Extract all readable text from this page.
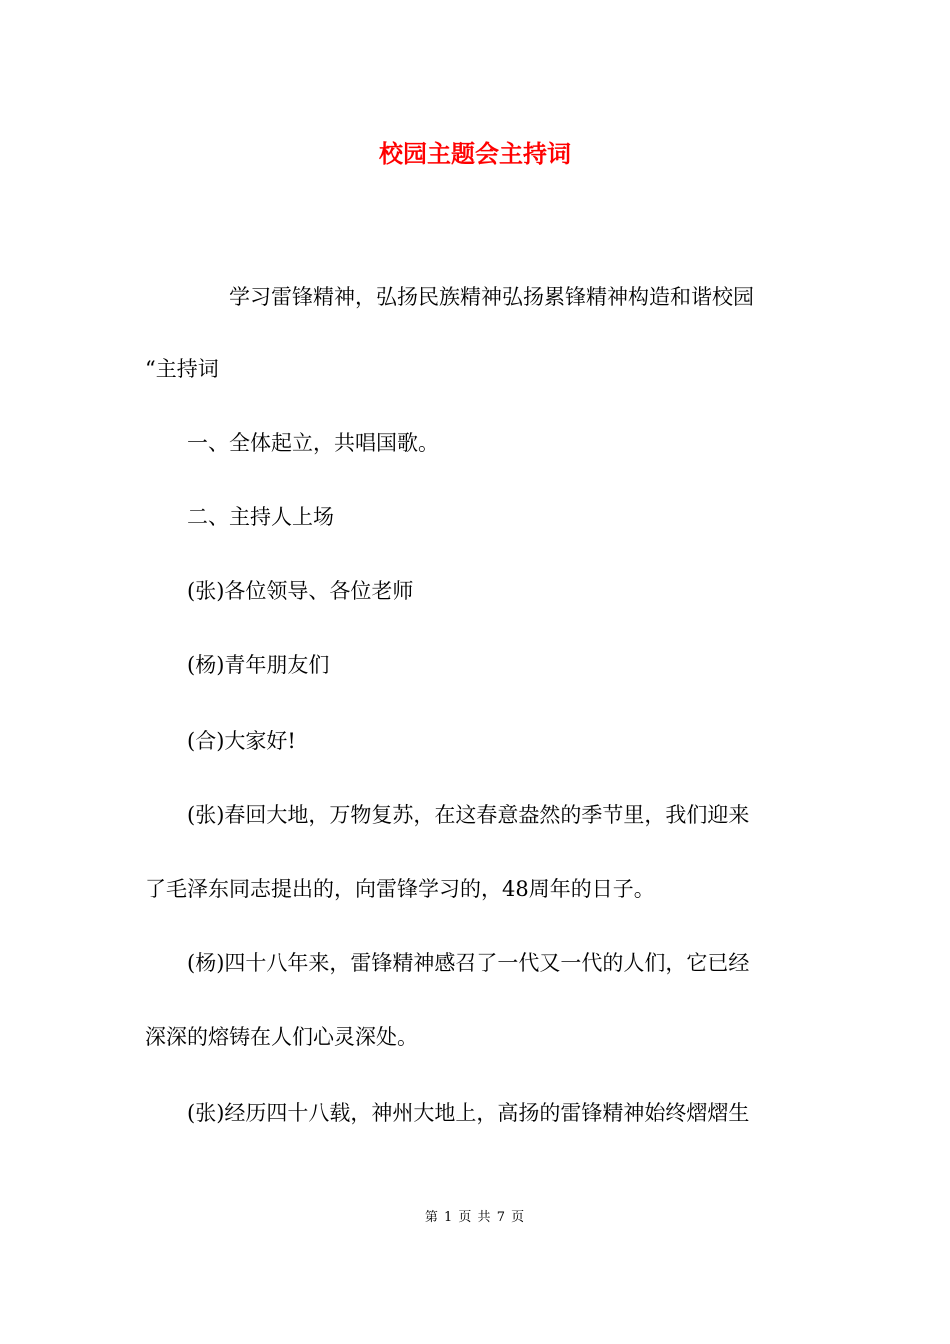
校园主题会主持词
　　　　学习雷锋精神，弘扬民族精神弘扬累锋精神构造和谐校园
“主持词
　　一、全体起立，共唱国歌。
　　二、主持人上场
　　(张)各位领导、各位老师
　　(杨)青年朋友们
　　(合)大家好!
　　(张)春回大地，万物复苏，在这春意盎然的季节里，我们迎来
了毛泽东同志提出的，向雷锋学习的，48周年的日子。
　　(杨)四十八年来，雷锋精神感召了一代又一代的人们，它已经
深深的熔铸在人们心灵深处。
　　(张)经历四十八载，神州大地上，高扬的雷锋精神始终熠熠生
第 1 页 共 7 页
